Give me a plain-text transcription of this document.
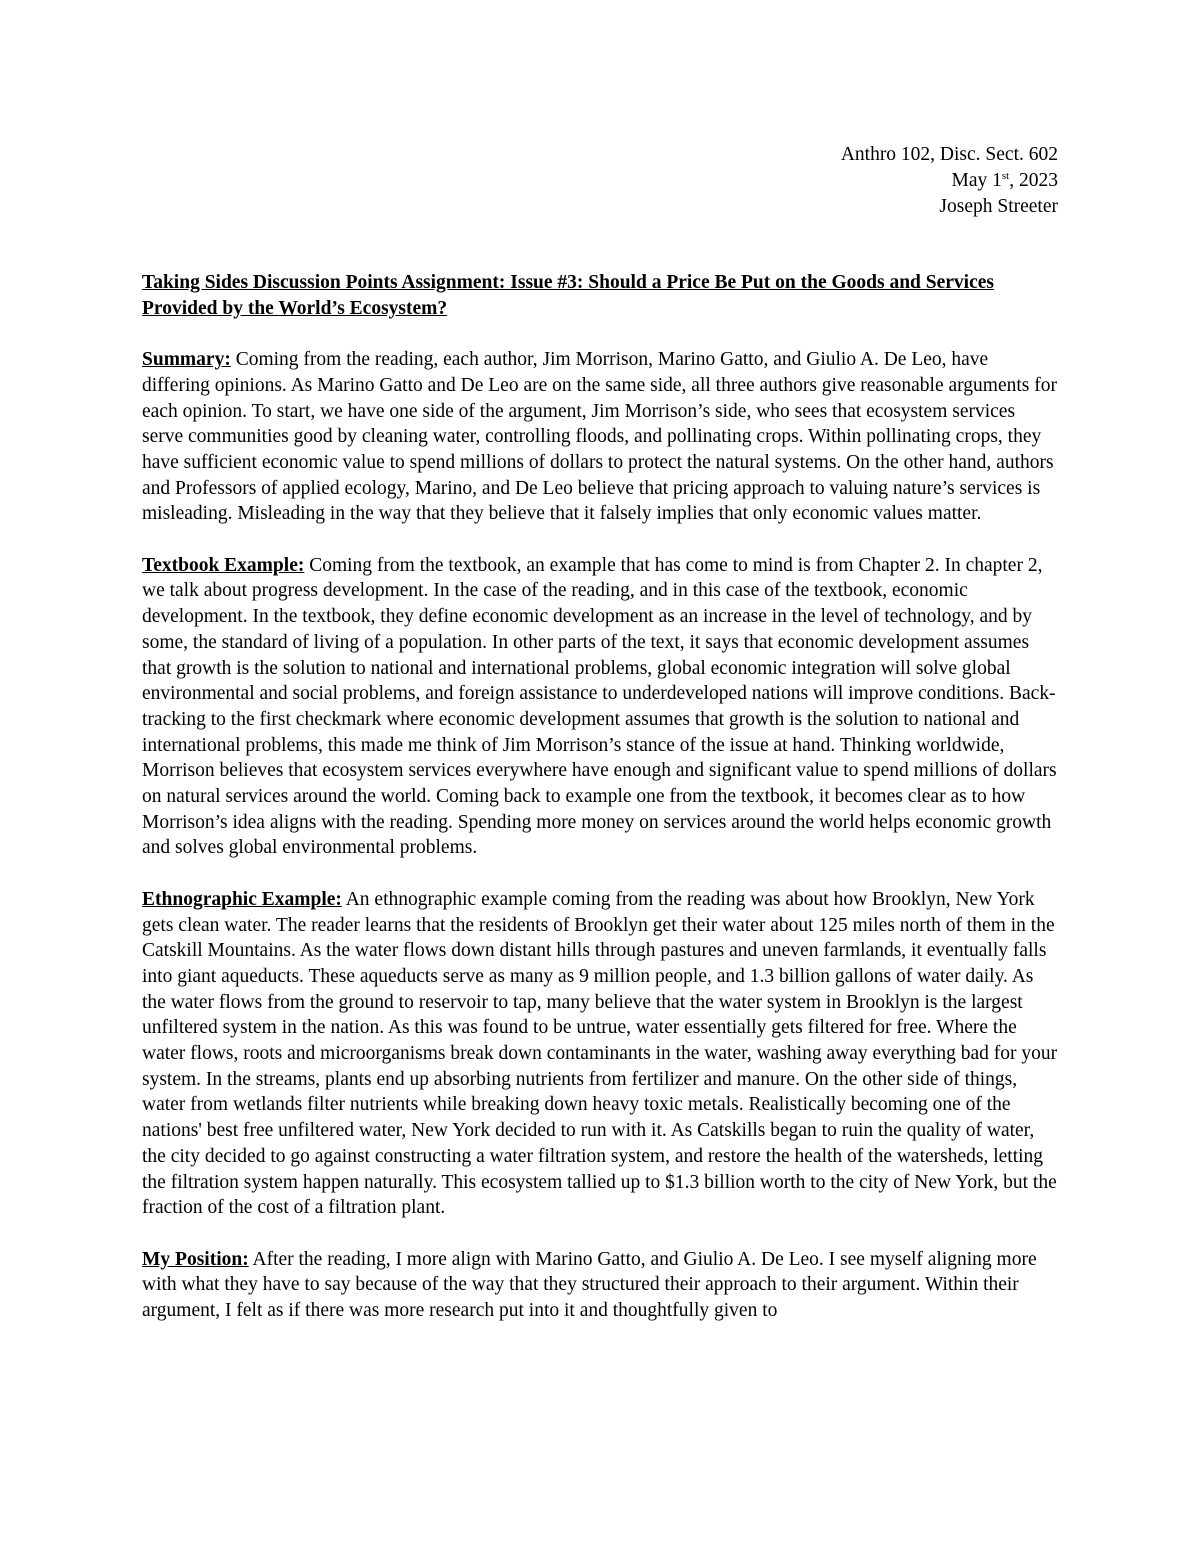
Anthro 102, Disc. Sect. 602
May 1st, 2023
Joseph Streeter

Taking Sides Discussion Points Assignment: Issue #3: Should a Price Be Put on the Goods and Services Provided by the World’s Ecosystem?

Summary: Coming from the reading, each author, Jim Morrison, Marino Gatto, and Giulio A. De Leo, have differing opinions. As Marino Gatto and De Leo are on the same side, all three authors give reasonable arguments for each opinion. To start, we have one side of the argument, Jim Morrison’s side, who sees that ecosystem services serve communities good by cleaning water, controlling floods, and pollinating crops. Within pollinating crops, they have sufficient economic value to spend millions of dollars to protect the natural systems. On the other hand, authors and Professors of applied ecology, Marino, and De Leo believe that pricing approach to valuing nature’s services is misleading. Misleading in the way that they believe that it falsely implies that only economic values matter.

Textbook Example: Coming from the textbook, an example that has come to mind is from Chapter 2. In chapter 2, we talk about progress development. In the case of the reading, and in this case of the textbook, economic development. In the textbook, they define economic development as an increase in the level of technology, and by some, the standard of living of a population. In other parts of the text, it says that economic development assumes that growth is the solution to national and international problems, global economic integration will solve global environmental and social problems, and foreign assistance to underdeveloped nations will improve conditions. Back-tracking to the first checkmark where economic development assumes that growth is the solution to national and international problems, this made me think of Jim Morrison’s stance of the issue at hand. Thinking worldwide, Morrison believes that ecosystem services everywhere have enough and significant value to spend millions of dollars on natural services around the world. Coming back to example one from the textbook, it becomes clear as to how Morrison’s idea aligns with the reading. Spending more money on services around the world helps economic growth and solves global environmental problems.

Ethnographic Example: An ethnographic example coming from the reading was about how Brooklyn, New York gets clean water. The reader learns that the residents of Brooklyn get their water about 125 miles north of them in the Catskill Mountains. As the water flows down distant hills through pastures and uneven farmlands, it eventually falls into giant aqueducts. These aqueducts serve as many as 9 million people, and 1.3 billion gallons of water daily. As the water flows from the ground to reservoir to tap, many believe that the water system in Brooklyn is the largest unfiltered system in the nation. As this was found to be untrue, water essentially gets filtered for free. Where the water flows, roots and microorganisms break down contaminants in the water, washing away everything bad for your system. In the streams, plants end up absorbing nutrients from fertilizer and manure. On the other side of things, water from wetlands filter nutrients while breaking down heavy toxic metals. Realistically becoming one of the nations' best free unfiltered water, New York decided to run with it. As Catskills began to ruin the quality of water, the city decided to go against constructing a water filtration system, and restore the health of the watersheds, letting the filtration system happen naturally. This ecosystem tallied up to $1.3 billion worth to the city of New York, but the fraction of the cost of a filtration plant.

My Position: After the reading, I more align with Marino Gatto, and Giulio A. De Leo. I see myself aligning more with what they have to say because of the way that they structured their approach to their argument. Within their argument, I felt as if there was more research put into it and thoughtfully given to
